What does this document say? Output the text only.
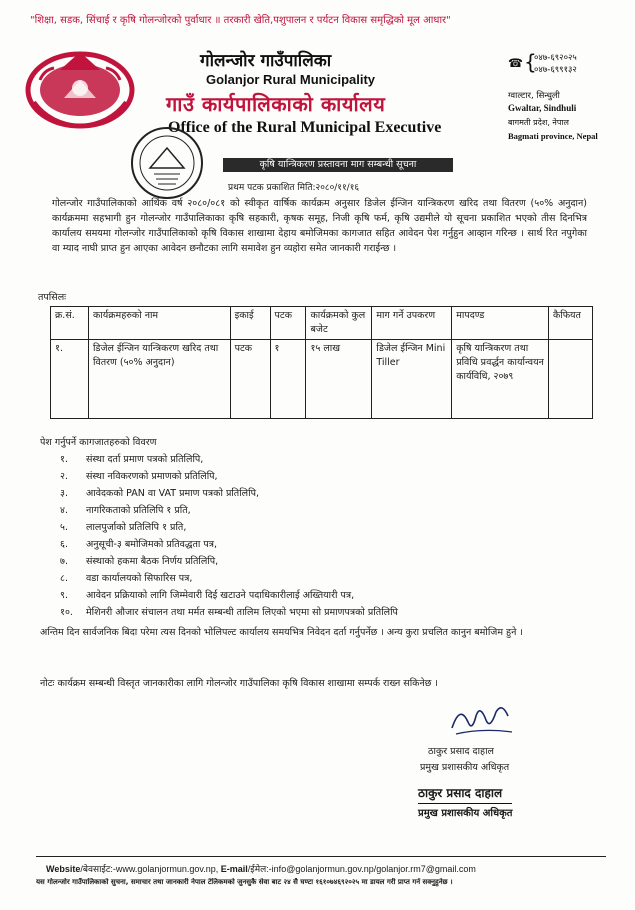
"शिक्षा, सडक, सिंचाई र कृषि गोलन्जोरको पुर्वाधार ॥ तरकारी खेति,पशुपालन र पर्यटन विकास समृद्धिको मूल आधार"
गोलन्जोर गाउँपालिका
Golanjor Rural Municipality
गाउँ कार्यपालिकाको कार्यालय
Office of the Rural Municipal Executive
☎ {
०४७-६९२०२५
०४७-६९९१३२
ग्वाल्टार, सिन्धुली
Gwaltar, Sindhuli
बागमती प्रदेश, नेपाल
Bagmati province, Nepal
कृषि यान्त्रिकरण प्रस्तावना माग सम्बन्धी सूचना
प्रथम पटक प्रकाशित मिति:२०८०/११/१६
गोलन्जोर गाउँपालिकाको आर्थिक वर्ष २०८०/०८१ को स्वीकृत वार्षिक कार्यक्रम अनुसार डिजेल ईन्जिन यान्त्रिकरण खरिद तथा वितरण (५०% अनुदान) कार्यक्रममा सहभागी हुन गोलन्जोर गाउँपालिकाका कृषि सहकारी, कृषक समूह, निजी कृषि फर्म, कृषि उद्यमीले यो सूचना प्रकाशित भएको तीस दिनभित्र कार्यालय समयमा गोलन्जोर गाउँपालिकाको कृषि विकास शाखामा देहाय बमोजिमका कागजात सहित आवेदन पेश गर्नुहुन आव्हान गरिन्छ । सार्थ रित नपुगेका वा म्याद नाघी प्राप्त हुन आएका आवेदन छनौटका लागि समावेश हुन व्यहोरा समेत जानकारी गराईन्छ ।
तपसिलः
क्र.सं.	कार्यक्रमहरुको नाम	इकाई	पटक	कार्यक्रमको कुल बजेट	माग गर्ने उपकरण	मापदण्ड	कैफियत
१.	डिजेल ईन्जिन यान्त्रिकरण खरिद तथा वितरण (५०% अनुदान)	पटक	१	१५ लाख	डिजेल ईन्जिन Mini Tiller	कृषि यान्त्रिकरण तथा प्रविधि प्रवर्द्धन कार्यान्वयन कार्यविधि, २०७९	
पेश गर्नुपर्ने कागजातहरुको विवरण
१. संस्था दर्ता प्रमाण पत्रको प्रतिलिपि,
२. संस्था नविकरणको प्रमाणको प्रतिलिपि,
३. आवेदकको PAN वा VAT प्रमाण पत्रको प्रतिलिपि,
४. नागरिकताको प्रतिलिपि १ प्रति,
५. लालपुर्जाको प्रतिलिपि १ प्रति,
६. अनुसूची-३ बमोजिमको प्रतिवद्धता पत्र,
७. संस्थाको हकमा बैठक निर्णय प्रतिलिपि,
८. वडा कार्यालयको सिफारिस पत्र,
९. आवेदन प्रक्रियाको लागि जिम्मेवारी दिई खटाउने पदाधिकारीलाई अख्तियारी पत्र,
१०. मेशिनरी औजार संचालन तथा मर्मत सम्बन्धी तालिम लिएको भएमा सो प्रमाणपत्रको प्रतिलिपि
अन्तिम दिन सार्वजनिक बिदा परेमा त्यस दिनको भोलिपल्ट कार्यालय समयभित्र निवेदन दर्ता गर्नुपर्नेछ । अन्य कुरा प्रचलित कानुन बमोजिम हुने ।
नोटः कार्यक्रम सम्बन्धी विस्तृत जानकारीका लागि गोलन्जोर गाउँपालिका कृषि विकास शाखामा सम्पर्क राख्न सकिनेछ ।
ठाकुर प्रसाद दाहाल
प्रमुख प्रशासकीय अधिकृत
ठाकुर प्रसाद दाहाल
प्रमुख प्रशासकीय अधिकृत
Website/बेवसाईट:-www.golanjormun.gov.np, E-mail/ईमेल:-info@golanjormun.gov.np/golanjor.rm7@gmail.com
यस गोलन्जोर गाउँपालिकाको सुचना, समाचार तथा जानकारी नेपाल टेलिकमको जुनसुकै सेवा बाट २४ सै घण्टा १६१०७४६९२०२५ मा डायल गरी प्राप्त गर्न सक्नुहुनेछ ।
